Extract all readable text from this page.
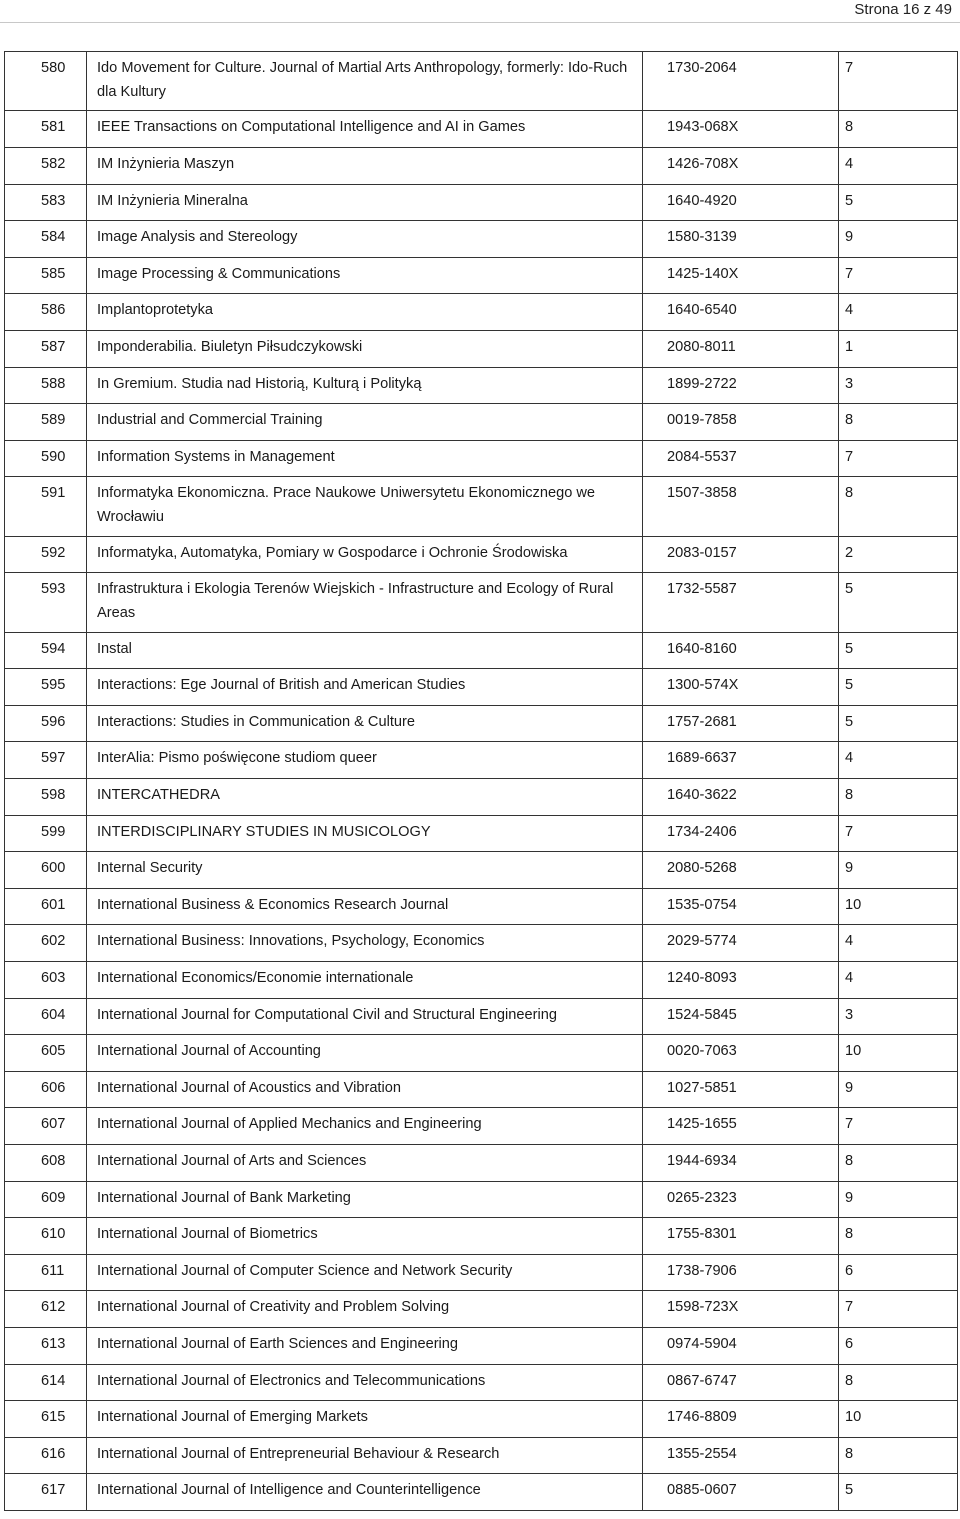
Strona 16 z 49
580	Ido Movement for Culture. Journal of Martial Arts Anthropology, formerly: Ido-Ruch dla Kultury	1730-2064	7

581	IEEE Transactions on Computational Intelligence and AI in Games	1943-068X	8

582	IM Inżynieria Maszyn	1426-708X	4

583	IM Inżynieria Mineralna	1640-4920	5

584	Image Analysis and Stereology	1580-3139	9

585	Image Processing & Communications	1425-140X	7

586	Implantoprotetyka	1640-6540	4

587	Imponderabilia. Biuletyn Piłsudczykowski	2080-8011	1

588	In Gremium. Studia nad Historią, Kulturą i Polityką	1899-2722	3

589	Industrial and Commercial Training	0019-7858	8

590	Information Systems in Management	2084-5537	7

591	Informatyka Ekonomiczna. Prace Naukowe Uniwersytetu Ekonomicznego we Wrocławiu	1507-3858	8

592	Informatyka, Automatyka, Pomiary w Gospodarce i Ochronie Środowiska	2083-0157	2

593	Infrastruktura i Ekologia Terenów Wiejskich - Infrastructure and Ecology of Rural Areas	1732-5587	5

594	Instal	1640-8160	5

595	Interactions: Ege Journal of British and American Studies	1300-574X	5

596	Interactions: Studies in Communication & Culture	1757-2681	5

597	InterAlia: Pismo poświęcone studiom queer	1689-6637	4

598	INTERCATHEDRA	1640-3622	8

599	INTERDISCIPLINARY STUDIES IN MUSICOLOGY	1734-2406	7

600	Internal Security	2080-5268	9

601	International Business & Economics Research Journal	1535-0754	10

602	International Business: Innovations, Psychology, Economics	2029-5774	4

603	International Economics/Economie internationale	1240-8093	4

604	International Journal for Computational Civil and Structural Engineering	1524-5845	3

605	International Journal of Accounting	0020-7063	10

606	International Journal of Acoustics and Vibration	1027-5851	9

607	International Journal of Applied Mechanics and Engineering	1425-1655	7

608	International Journal of Arts and Sciences	1944-6934	8

609	International Journal of Bank Marketing	0265-2323	9

610	International Journal of Biometrics	1755-8301	8

611	International Journal of Computer Science and Network Security	1738-7906	6

612	International Journal of Creativity and Problem Solving	1598-723X	7

613	International Journal of Earth Sciences and Engineering	0974-5904	6

614	International Journal of Electronics and Telecommunications	0867-6747	8

615	International Journal of Emerging Markets	1746-8809	10

616	International Journal of Entrepreneurial Behaviour & Research	1355-2554	8

617	International Journal of Intelligence and Counterintelligence	0885-0607	5
